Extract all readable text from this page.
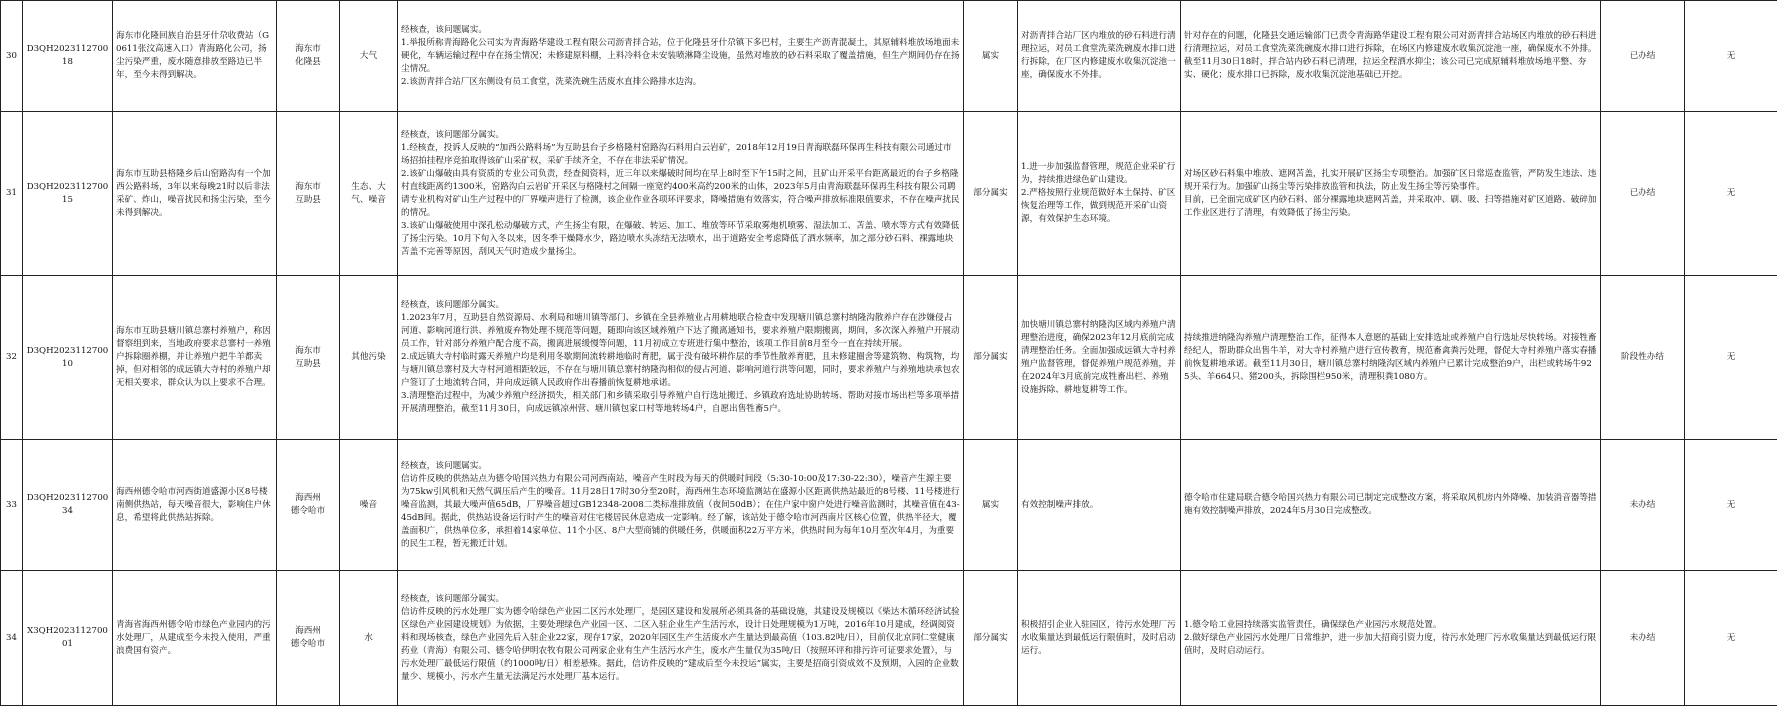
30	D3QH202311270018	海东市化隆回族自治县牙什尕收费站（G0611张汶高速入口）青海路化公司，扬尘污染严重，废水随意排放至路边已半年，至今未得到解决。	海东市
化隆县	大气	经核查，该问题属实。
1.举报所称青海路化公司实为青海路华建设工程有限公司沥青拌合站，位于化隆县牙什尕镇下多巴村，主要生产沥青混凝土，其原辅料堆放场地面未硬化，车辆运输过程中存在扬尘情况；未修建原料棚，上料冷料仓未安装喷淋降尘设施，虽然对堆放的砂石料采取了覆盖措施，但生产期间仍存在扬尘情况。
2.该沥青拌合站厂区东侧设有员工食堂，洗菜洗碗生活废水直排公路排水边沟。	属实	对沥青拌合站厂区内堆放的砂石料进行清理拉运，对员工食堂洗菜洗碗废水排口进行拆除，在厂区内修建废水收集沉淀池一座，确保废水不外排。	针对存在的问题，化隆县交通运输部门已责令青海路华建设工程有限公司对沥青拌合站场区内堆放的砂石料进行清理拉运，对员工食堂洗菜洗碗废水排口进行拆除，在场区内修建废水收集沉淀池一座，确保废水不外排。截至11月30日18时，拌合站内砂石料已清理，拉运全程洒水抑尘；该公司已完成原辅料堆放场地平整、夯实、硬化；废水排口已拆除，废水收集沉淀池基础已开挖。	已办结	无

31	D3QH202311270015	海东市互助县格隆乡后山窑路沟有一个加西公路料场，3年以来每晚21时以后非法采矿、炸山，噪音扰民和扬尘污染，至今未得到解决。	海东市
互助县	生态、大气、噪音	经核查，该问题部分属实。
1.经核查，投诉人反映的“加西公路料场”为互助县台子乡格隆村窑路沟石料用白云岩矿，2018年12月19日青海联磊环保再生科技有限公司通过市场招拍挂程序竞拍取得该矿山采矿权，采矿手续齐全，不存在非法采矿情况。
2.该矿山爆破由具有资质的专业公司负责，经查阅资料，近三年以来爆破时间均在早上8时至下午15时之间，且矿山开采平台距离最近的台子乡格隆村直线距离约1300米，窑路沟白云岩矿开采区与格隆村之间隔一座宽约400米高约200米的山体，2023年5月由青海联磊环保再生科技有限公司聘请专业机构对矿山生产过程中的厂界噪声进行了检测，该企业作业各项环评要求，降噪措施有效落实，符合噪声排放标准限值要求，不存在噪声扰民的情况。
3.该矿山爆破使用中深孔松动爆破方式，产生扬尘有限，在爆破、转运、加工、堆放等环节采取雾炮机喷雾、湿法加工、苫盖、喷水等方式有效降低了扬尘污染。10月下旬入冬以来，因冬季干燥降水少，路边喷水头冻结无法喷水，出于道路安全考虑降低了洒水频率，加之部分砂石料、裸露地块苫盖不完善等原因，刮风天气时造成少量扬尘。	部分属实	1.进一步加强监督管理，规范企业采矿行为，持续推进绿色矿山建设。
2.严格按照行业规范做好本土保持、矿区恢复治理等工作，做到规范开采矿山资源，有效保护生态环境。	对场区砂石料集中堆放、遮网苫盖，扎实开展矿区扬尘专项整治。加强矿区日常巡查监管，严防发生违法、违规开采行为。加强矿山扬尘等污染排放监管和执法，防止发生扬尘等污染事件。
目前，已全面完成矿区内砂石料、部分裸露地块遮网苫盖，并采取冲、刷、吸、扫等措施对矿区道路、破碎加工作业区进行了清理，有效降低了扬尘污染。	已办结	无

32	D3QH202311270010	海东市互助县塘川镇总寨村养殖户，称因督察组到来，当地政府要求总寨村一养殖户拆除圈养棚，并让养殖户把牛羊都卖掉，但对相邻的成远镇大寺村的养殖户却无相关要求，群众认为以上要求不合理。	海东市
互助县	其他污染	经核查，该问题部分属实。
1.2023年7月，互助县自然资源局、水利局和塘川镇等部门、乡镇在全县养殖业占用耕地联合检查中发现塘川镇总寨村纳隆沟散养户存在涉嫌侵占河道、影响河道行洪、养殖废弃物处理不规范等问题，随即向该区域养殖户下达了搬离通知书，要求养殖户限期搬离，期间，多次深入养殖户开展动员工作，针对部分养殖户配合度不高，搬离进展缓慢等问题，11月初成立专班进行集中整治，该项工作目前8月至今一直在持续开展。
2.成远镇大寺村临时露天养殖户均是利用冬歇期间流转耕地临时育肥，属于没有破坏耕作层的季节性散养育肥，且未修建圈舍等建筑物、构筑物，均与塘川镇总寨村及大寺村河道相距较远，不存在与塘川镇总寨村纳隆沟相似的侵占河道、影响河道行洪等问题，同时，要求养殖户与养殖地块承包农户签订了土地流转合同，并向成远镇人民政府作出春播前恢复耕地承诺。
3.清理整治过程中，为减少养殖户经济损失，相关部门和乡镇采取引导养殖户自行选址搬迁、乡镇政府选址协助转场、帮助对接市场出栏等多项举措开展清理整治，截至11月30日，向成远镇凉州营、塘川镇包家口村等地转场4户，自愿出售牲畜5户。	部分属实	加快塘川镇总寨村纳隆沟区域内养殖户清理整治进度，确保2023年12月底前完成清理整治任务。全面加强成远镇大寺村养殖户监督管理，督促养殖户规范养殖，并在2024年3月底前完成牲畜出栏、养殖设施拆除、耕地复耕等工作。	持续推进纳隆沟养殖户清理整治工作，征得本人意愿的基础上安排选址或养殖户自行选址尽快转场。对接牲畜经纪人，帮助群众出售牛羊，对大寺村养殖户进行宣传教育，规范畜禽粪污处理，督促大寺村养殖户落实春播前恢复耕地承诺。截至11月30日，塘川镇总寨村纳隆沟区域内养殖户已累计完成整治9户，出栏或转场牛925头、羊664只、猪200头，拆除围栏950米，清理积粪1080方。	阶段性办结	无

33	D3QH202311270034	海西州德令哈市河西街道盛源小区8号楼南侧供热站，每天噪音很大，影响住户休息，希望将此供热站拆除。	海西州
德令哈市	噪音	经核查，该问题属实。
信访件反映的供热站点为德令哈国兴热力有限公司河西南站，噪音产生时段为每天的供暖时间段（5:30-10:00及17:30-22:30），噪音产生源主要为75kw引风机和天然气调压后产生的噪音。11月28日17时30分至20时，海西州生态环境监测站在盛源小区距离供热站最近的8号楼、11号楼进行噪音监测，其最大噪声值65dB，厂界噪音超过GB12348-2008二类标准排放值（夜间50dB）；在住户家中窗户处进行噪音监测时，其噪音值在43-45dB间。据此，供热站设备运行时产生的噪音对住宅楼居民休息造成一定影响。经了解，该站处于德令哈市河西南片区核心位置，供热半径大，覆盖面积广，供热单位多，承担着14家单位、11个小区、8户大型商铺的供暖任务，供暖面积22万平方米，供热时间为每年10月至次年4月，为重要的民生工程，暂无搬迁计划。	属实	有效控制噪声排放。	德令哈市住建局联合德令哈国兴热力有限公司已制定完成整改方案，将采取风机房内外降噪、加装消音器等措施有效控制噪声排放，2024年5月30日完成整改。	未办结	无

34	X3QH202311270001	青海省海西州德令哈市绿色产业园内的污水处理厂，从建成至今未投入使用，严重浪费国有资产。	海西州
德令哈市	水	经核查，该问题部分属实。
信访件反映的污水处理厂实为德令哈绿色产业园二区污水处理厂，是园区建设和发展所必须具备的基础设施，其建设及规模以《柴达木循环经济试验区绿色产业园建设规划》为依据，主要处理绿色产业园一区、二区入驻企业生产生活污水，设计日处理规模为1万吨，2016年10月建成，经调阅资料和现场核查，绿色产业园先后入驻企业22家，现存17家，2020年园区生产生活废水产生量达到最高值（103.82吨/日），目前仅北京同仁堂健康药业（青海）有限公司、德令哈伊明农牧有限公司两家企业有生产生活污水产生，废水产生量仅为35吨/日（按照环评和排污许可证要求处置），与污水处理厂最低运行限值（约1000吨/日）相差悬殊。据此，信访件反映的“建成后至今未投运”属实，主要是招商引资成效不及预期，入园的企业数量少、规模小，污水产生量无法满足污水处理厂基本运行。	部分属实	积极招引企业入驻园区，待污水处理厂污水收集量达到最低运行限值时，及时启动运行。	1.德令哈工业园持续落实监管责任，确保绿色产业园污水规范处置。
2.做好绿色产业园污水处理厂日常维护，进一步加大招商引资力度，待污水处理厂污水收集量达到最低运行限值时，及时启动运行。	未办结	无
